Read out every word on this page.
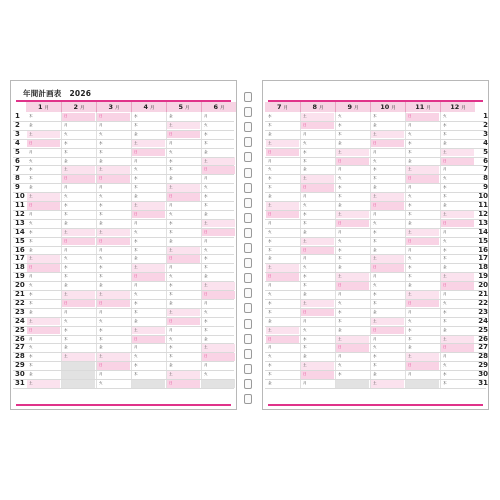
年間計画表 2026
1 月
木
金
土
日
月
火
水
木
金
土
日
月
火
水
木
金
土
日
月
火
水
木
金
土
日
月
火
水
木
金
土
2 月
日
月
火
水
木
金
土
日
月
火
水
木
金
土
日
月
火
水
木
金
土
日
月
火
水
木
金
土
3 月
日
月
火
水
木
金
土
日
月
火
水
木
金
土
日
月
火
水
木
金
土
日
月
火
水
木
金
土
日
月
火
4 月
水
木
金
土
日
月
火
水
木
金
土
日
月
火
水
木
金
土
日
月
火
水
木
金
土
日
月
火
水
木
5 月
金
土
日
月
火
水
木
金
土
日
月
火
水
木
金
土
日
月
火
水
木
金
土
日
月
火
水
木
金
土
日
6 月
月
火
水
木
金
土
日
月
火
水
木
金
土
日
月
火
水
木
金
土
日
月
火
水
木
金
土
日
月
火
1
2
3
4
5
6
7
8
9
10
11
12
13
14
15
16
17
18
19
20
21
22
23
24
25
26
27
28
29
30
31
7 月
水
木
金
土
日
月
火
水
木
金
土
日
月
火
水
木
金
土
日
月
火
水
木
金
土
日
月
火
水
木
金
8 月
土
日
月
火
水
木
金
土
日
月
火
水
木
金
土
日
月
火
水
木
金
土
日
月
火
水
木
金
土
日
月
9 月
火
水
木
金
土
日
月
火
水
木
金
土
日
月
火
水
木
金
土
日
月
火
水
木
金
土
日
月
火
水
10 月
木
金
土
日
月
火
水
木
金
土
日
月
火
水
木
金
土
日
月
火
水
木
金
土
日
月
火
水
木
金
土
11 月
日
月
火
水
木
金
土
日
月
火
水
木
金
土
日
月
火
水
木
金
土
日
月
火
水
木
金
土
日
月
12 月
火
水
木
金
土
日
月
火
水
木
金
土
日
月
火
水
木
金
土
日
月
火
水
木
金
土
日
月
火
水
木
1
2
3
4
5
6
7
8
9
10
11
12
13
14
15
16
17
18
19
20
21
22
23
24
25
26
27
28
29
30
31
